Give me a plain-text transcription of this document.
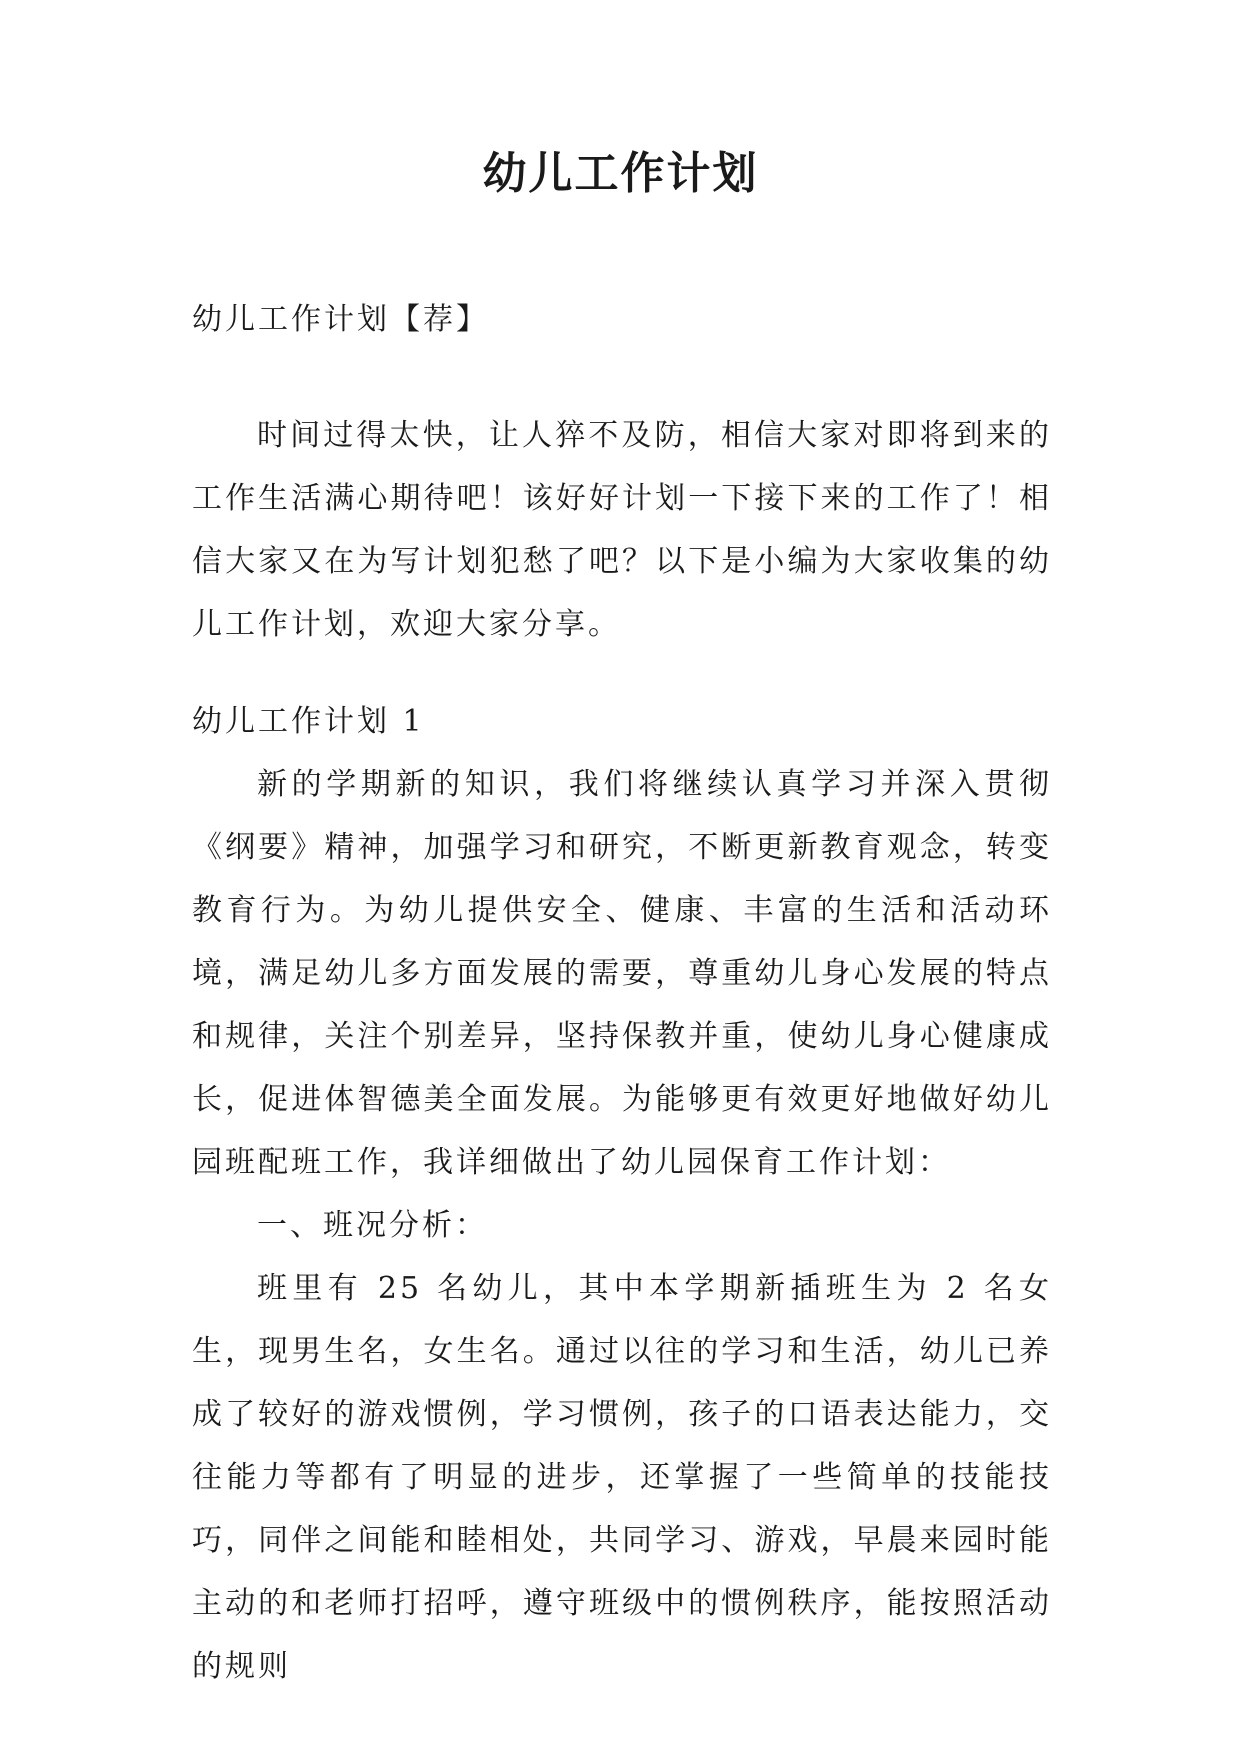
幼儿工作计划

幼儿工作计划【荐】

时间过得太快，让人猝不及防，相信大家对即将到来的工作生活满心期待吧！该好好计划一下接下来的工作了！相信大家又在为写计划犯愁了吧？以下是小编为大家收集的幼儿工作计划，欢迎大家分享。

幼儿工作计划 1

新的学期新的知识，我们将继续认真学习并深入贯彻《纲要》精神，加强学习和研究，不断更新教育观念，转变教育行为。为幼儿提供安全、健康、丰富的生活和活动环境，满足幼儿多方面发展的需要，尊重幼儿身心发展的特点和规律，关注个别差异，坚持保教并重，使幼儿身心健康成长，促进体智德美全面发展。为能够更有效更好地做好幼儿园班配班工作，我详细做出了幼儿园保育工作计划：

一、班况分析：

班里有 25 名幼儿，其中本学期新插班生为 2 名女生，现男生名，女生名。通过以往的学习和生活，幼儿已养成了较好的游戏惯例，学习惯例，孩子的口语表达能力，交往能力等都有了明显的进步，还掌握了一些简单的技能技巧，同伴之间能和睦相处，共同学习、游戏，早晨来园时能主动的和老师打招呼，遵守班级中的惯例秩序，能按照活动的规则
